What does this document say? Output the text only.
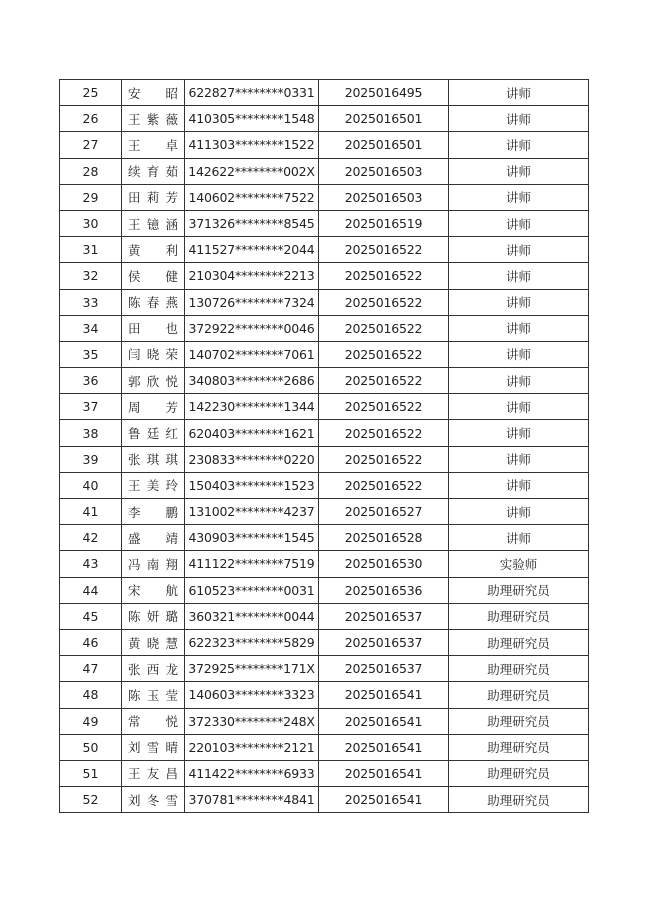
25	安 昭	622827********0331	2025016495	讲师
26	王 紫 薇	410305********1548	2025016501	讲师
27	王 卓	411303********1522	2025016501	讲师
28	续 育 茹	142622********002X	2025016503	讲师
29	田 莉 芳	140602********7522	2025016503	讲师
30	王 镱 涵	371326********8545	2025016519	讲师
31	黄 利	411527********2044	2025016522	讲师
32	侯 健	210304********2213	2025016522	讲师
33	陈 春 燕	130726********7324	2025016522	讲师
34	田 也	372922********0046	2025016522	讲师
35	闫 晓 荣	140702********7061	2025016522	讲师
36	郭 欣 悦	340803********2686	2025016522	讲师
37	周 芳	142230********1344	2025016522	讲师
38	鲁 廷 红	620403********1621	2025016522	讲师
39	张 琪 琪	230833********0220	2025016522	讲师
40	王 美 玲	150403********1523	2025016522	讲师
41	李 鹏	131002********4237	2025016527	讲师
42	盛 靖	430903********1545	2025016528	讲师
43	冯 南 翔	411122********7519	2025016530	实验师
44	宋 航	610523********0031	2025016536	助理研究员
45	陈 妍 璐	360321********0044	2025016537	助理研究员
46	黄 晓 慧	622323********5829	2025016537	助理研究员
47	张 西 龙	372925********171X	2025016537	助理研究员
48	陈 玉 莹	140603********3323	2025016541	助理研究员
49	常 悦	372330********248X	2025016541	助理研究员
50	刘 雪 晴	220103********2121	2025016541	助理研究员
51	王 友 昌	411422********6933	2025016541	助理研究员
52	刘 冬 雪	370781********4841	2025016541	助理研究员
